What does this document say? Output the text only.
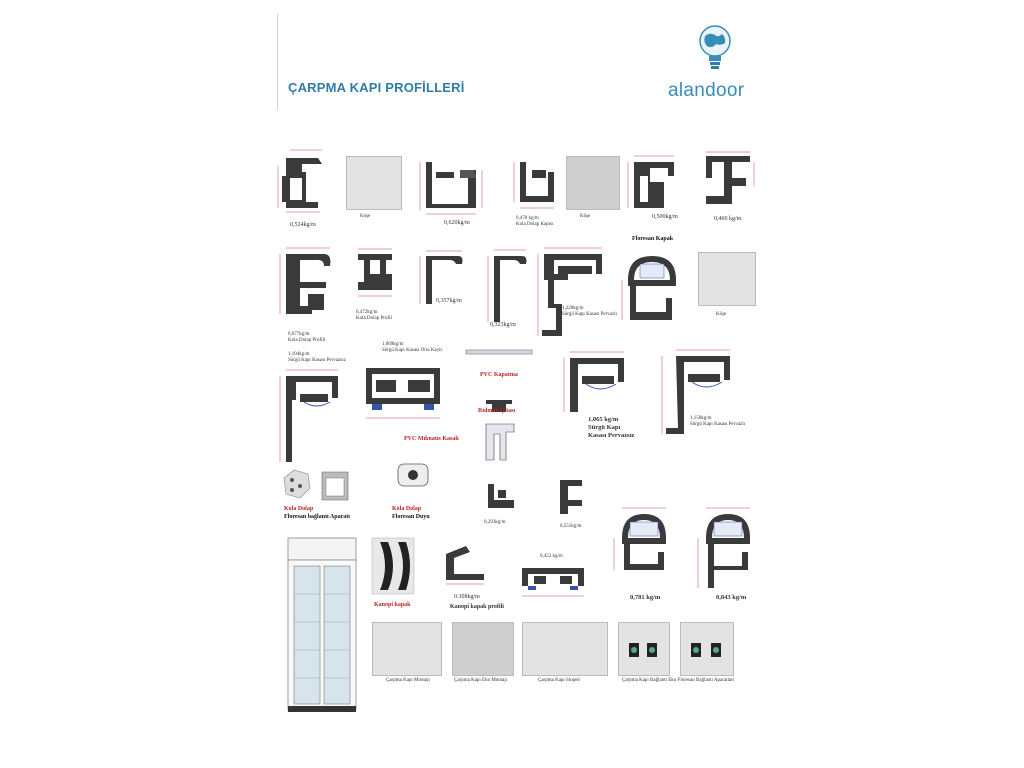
ÇARPMA KAPI PROFİLLERİ	alandoor
0,524kg/m
Köşe
0,620kg/m
0,470 kg/m
Kola Dolap Kapısı
Köşe	0,500kg/m
Floresan Kapak
0,460 kg/m
0,677kg/m
Kola Dolap Profili
1,104kg/m
Sürgü Kapı Kasası Pervazsız
0,472kg/m
Kola Dolap Profil
0,357kg/m
0,323kg/m
1,220kg/m
Sürgü Kapı Kasası Pervazlı	Köşe
1,069kg/m
Sürgü Kapı Kasası Orta Kayıt
PVC Mıknatıs Kasalı
PVC Kapatma
Rulman Çıtası
1,065 kg/m
Sürgü Kapı
Kasası Pervazsız
1,150kg/m
Sürgü Kapı Kasası Pervazlı
Kola Dolap
Floresan bağlantı Aparatı
Kola Dolap
Floresan Duyu
0,293kg/m
0,551kg/m
0,781 kg/m	0,843 kg/m
Kanopi kapak
0.308kg/m
Kanopi kapak profili
0,452 kg/m
Çarpma Kapı Montajı	Çarpma Kapı Eko Montajı	Çarpma Kapı Stoperi	Çarpma Kapı Bağlantı Eko Floresan Bağlantı Aparatları
